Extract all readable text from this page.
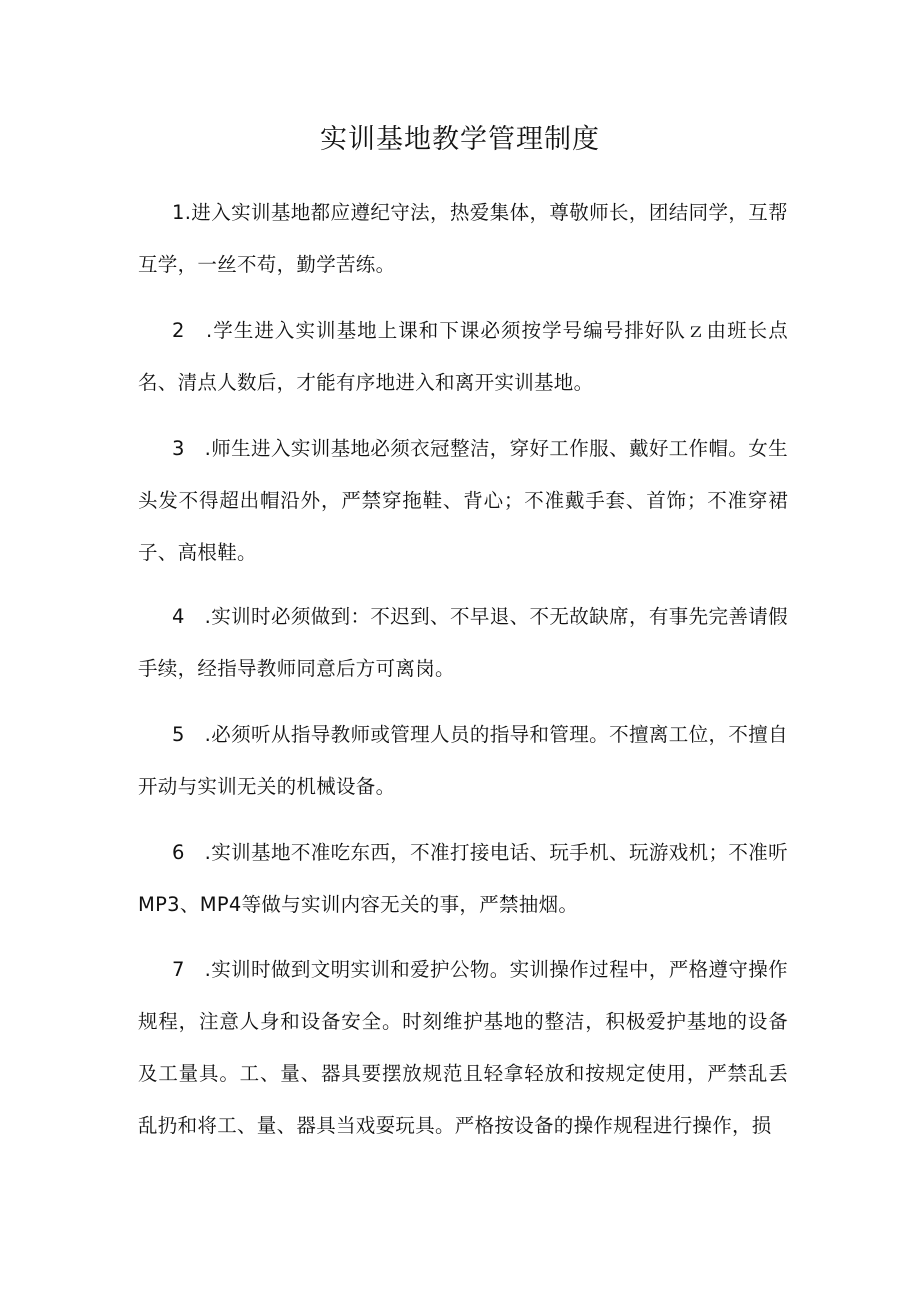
实训基地教学管理制度

1.进入实训基地都应遵纪守法，热爱集体，尊敬师长，团结同学，互帮互学，一丝不苟，勤学苦练。

2　.学生进入实训基地上课和下课必须按学号编号排好队ｚ由班长点名、清点人数后，才能有序地进入和离开实训基地。

3　.师生进入实训基地必须衣冠整洁，穿好工作服、戴好工作帽。女生头发不得超出帽沿外，严禁穿拖鞋、背心；不准戴手套、首饰；不准穿裙子、高根鞋。

4　.实训时必须做到：不迟到、不早退、不无故缺席，有事先完善请假手续，经指导教师同意后方可离岗。

5　.必须听从指导教师或管理人员的指导和管理。不擅离工位，不擅自开动与实训无关的机械设备。

6　.实训基地不准吃东西，不准打接电话、玩手机、玩游戏机；不准听MP3、MP4等做与实训内容无关的事，严禁抽烟。

7　.实训时做到文明实训和爱护公物。实训操作过程中，严格遵守操作规程，注意人身和设备安全。时刻维护基地的整洁，积极爱护基地的设备及工量具。工、量、器具要摆放规范且轻拿轻放和按规定使用，严禁乱丢乱扔和将工、量、器具当戏耍玩具。严格按设备的操作规程进行操作，损
